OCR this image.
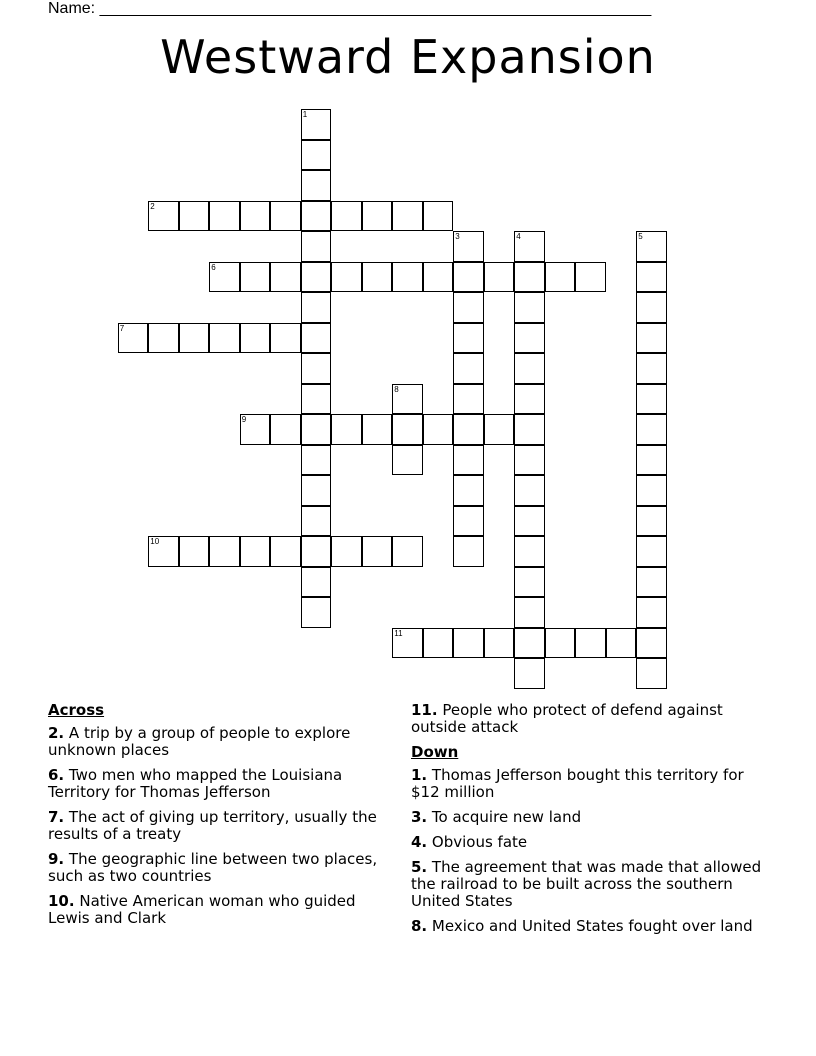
Name: ______________________________________________________________
Westward Expansion
1
2
3	4	5
6
7
8
9
10
11
Across
2. A trip by a group of people to explore unknown places
6. Two men who mapped the Louisiana Territory for Thomas Jefferson
7. The act of giving up territory, usually the results of a treaty
9. The geographic line between two places, such as two countries
10. Native American woman who guided Lewis and Clark
11. People who protect of defend against outside attack
Down
1. Thomas Jefferson bought this territory for $12 million
3. To acquire new land
4. Obvious fate
5. The agreement that was made that allowed the railroad to be built across the southern United States
8. Mexico and United States fought over land
